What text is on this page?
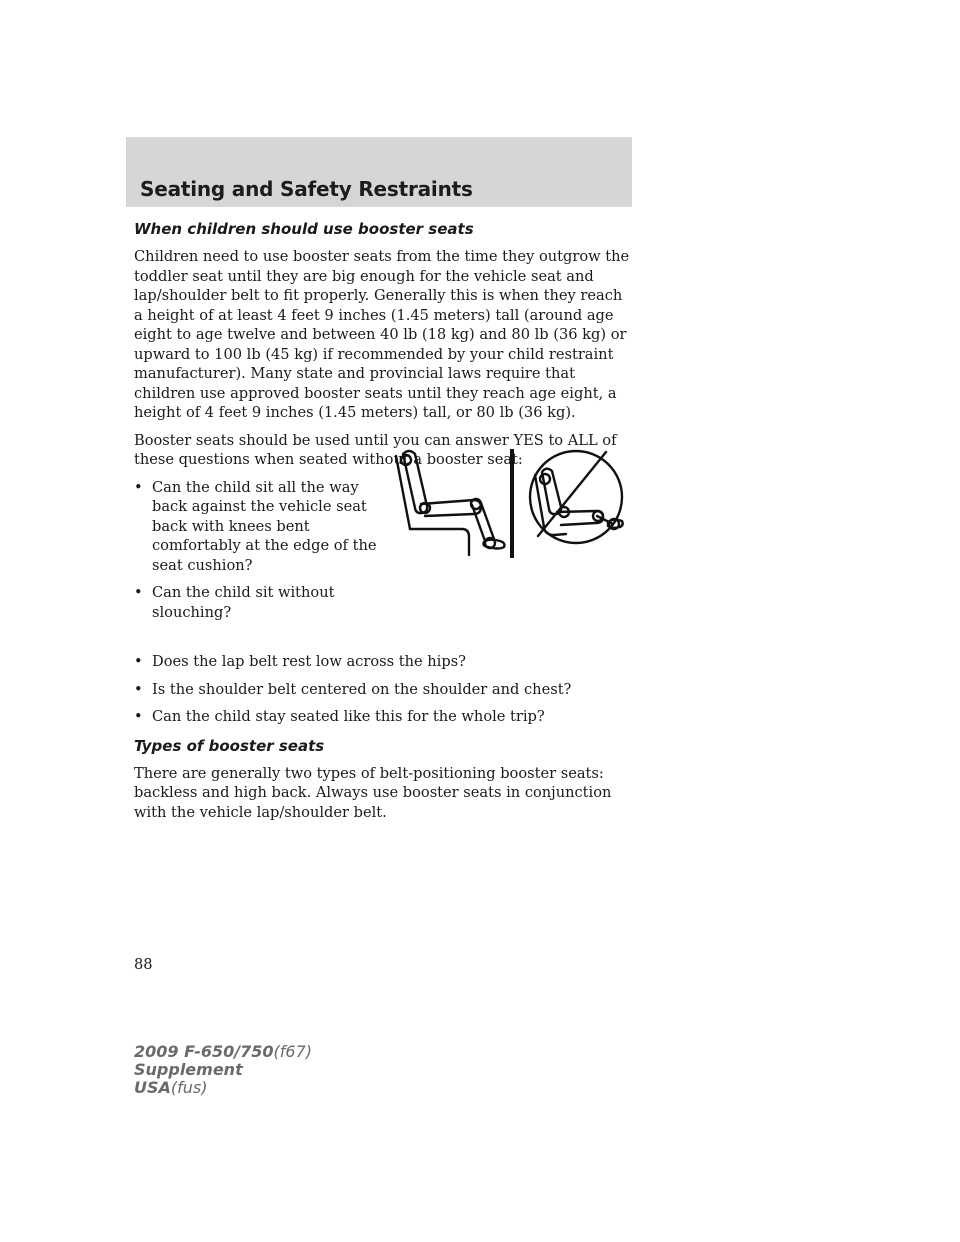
Seating and Safety Restraints
When children should use booster seats

Children need to use booster seats from the time they outgrow the toddler seat until they are big enough for the vehicle seat and lap/shoulder belt to fit properly. Generally this is when they reach a height of at least 4 feet 9 inches (1.45 meters) tall (around age eight to age twelve and between 40 lb (18 kg) and 80 lb (36 kg) or upward to 100 lb (45 kg) if recommended by your child restraint manufacturer). Many state and provincial laws require that children use approved booster seats until they reach age eight, a height of 4 feet 9 inches (1.45 meters) tall, or 80 lb (36 kg).

Booster seats should be used until you can answer YES to ALL of these questions when seated without a booster seat:

• Can the child sit all the way back against the vehicle seat back with knees bent comfortably at the edge of the seat cushion?
• Can the child sit without slouching?
• Does the lap belt rest low across the hips?
• Is the shoulder belt centered on the shoulder and chest?
• Can the child stay seated like this for the whole trip?
Types of booster seats

There are generally two types of belt-positioning booster seats: backless and high back. Always use booster seats in conjunction with the vehicle lap/shoulder belt.

88
2009 F-650/750(f67)
Supplement
USA(fus)
